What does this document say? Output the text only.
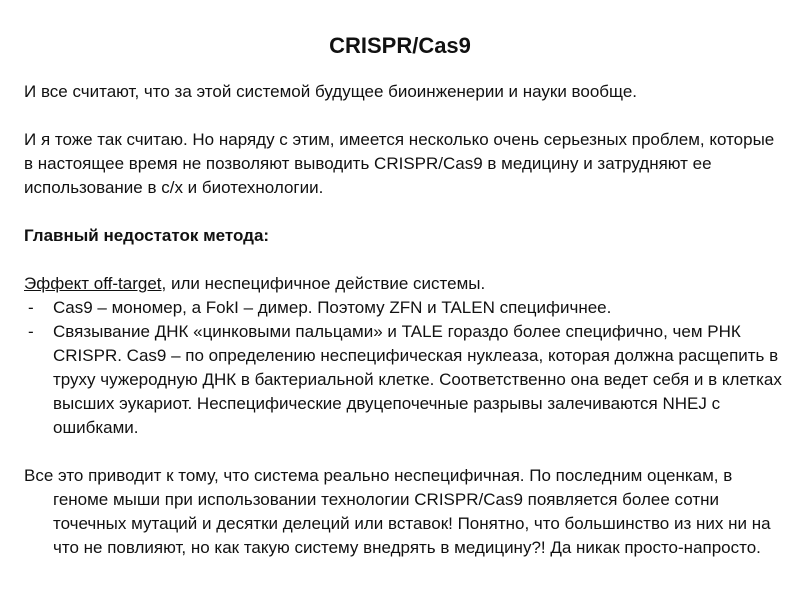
CRISPR/Cas9

И все считают, что за этой системой будущее биоинженерии и науки вообще.

И я тоже так считаю. Но наряду с этим, имеется несколько очень серьезных проблем, которые в настоящее время не позволяют выводить CRISPR/Cas9 в медицину и затрудняют ее использование в с/х и биотехнологии.

Главный недостаток метода:

Эффект off-target, или неспецифичное действие системы.

- Cas9 – мономер, а FokI – димер. Поэтому ZFN и TALEN специфичнее.
- Связывание ДНК «цинковыми пальцами» и TALE гораздо более специфично, чем РНК CRISPR. Cas9 – по определению неспецифическая нуклеаза, которая должна расщепить в труху чужеродную ДНК в бактериальной клетке. Соответственно она ведет себя и в клетках высших эукариот. Неспецифические двуцепочечные разрывы залечиваются NHEJ с ошибками.

Все это приводит к тому, что система реально неспецифичная. По последним оценкам, в геноме мыши при использовании технологии CRISPR/Cas9 появляется более сотни точечных мутаций и десятки делеций или вставок! Понятно, что большинство из них ни на что не повлияют, но как такую систему внедрять в медицину?! Да никак просто-напросто.
